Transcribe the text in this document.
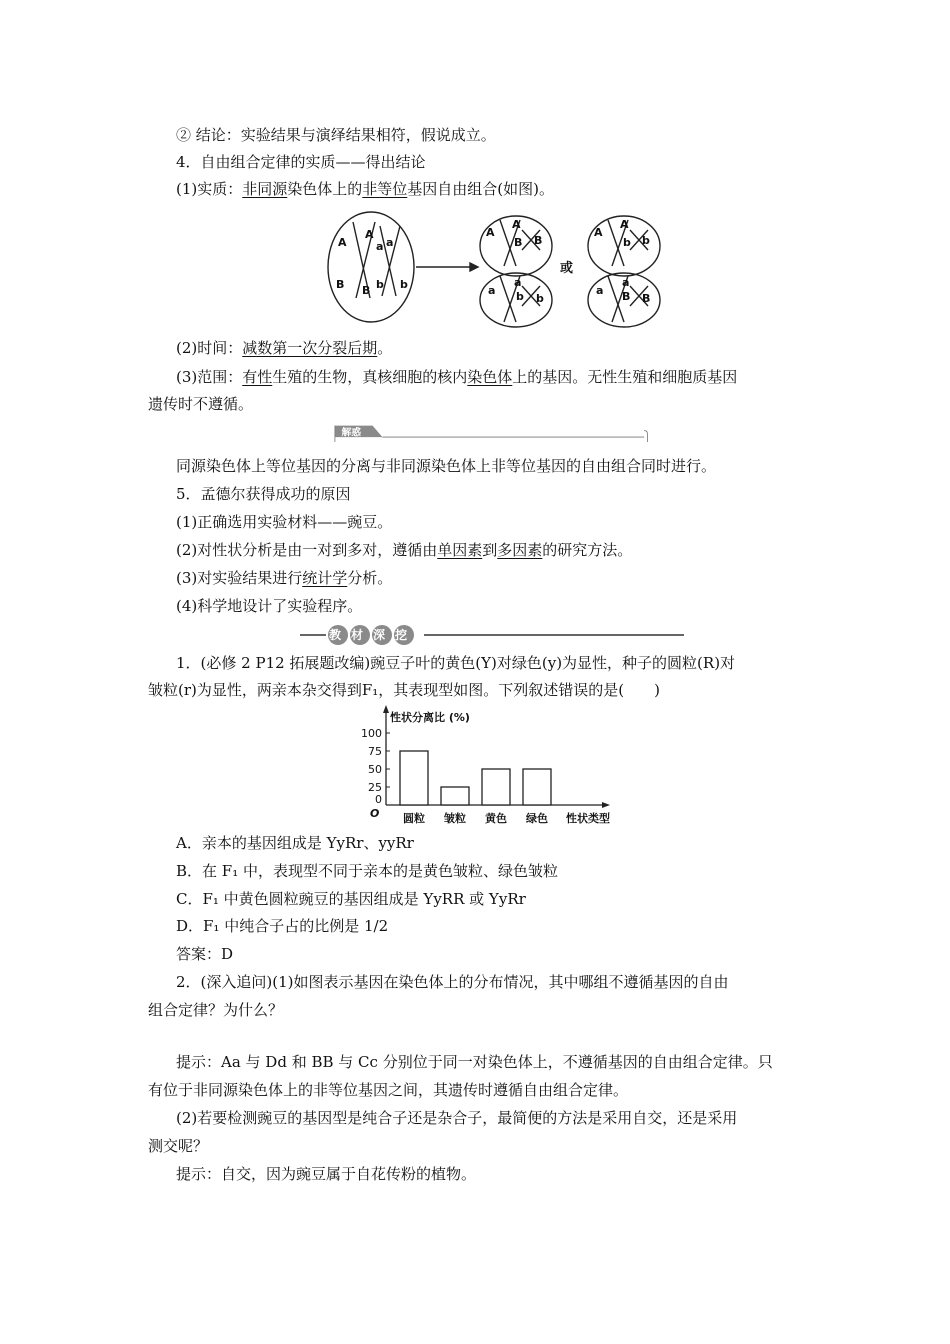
② 结论：实验结果与演绎结果相符，假说成立。
4．自由组合定律的实质——得出结论
(1)实质：非同源染色体上的非等位基因自由组合(如图)。
A
A
a a
B B b b
A
A
B B
a
a
b b
或
A
A
b b
a
a
B B
(2)时间：减数第一次分裂后期。
(3)范围：有性生殖的生物，真核细胞的核内染色体上的基因。无性生殖和细胞质基因
遗传时不遵循。
解惑
同源染色体上等位基因的分离与非同源染色体上非等位基因的自由组合同时进行。
5．孟德尔获得成功的原因
(1)正确选用实验材料——豌豆。
(2)对性状分析是由一对到多对，遵循由单因素到多因素的研究方法。
(3)对实验结果进行统计学分析。
(4)科学地设计了实验程序。
教材深挖
1．(必修 2 P12 拓展题改编)豌豆子叶的黄色(Y)对绿色(y)为显性，种子的圆粒(R)对
皱粒(r)为显性，两亲本杂交得到F₁，其表现型如图。下列叙述错误的是(　　)
性状分离比 (%)
0
25
50
75
100
O 圆粒 皱粒 黄色 绿色 性状类型
A．亲本的基因组成是 YyRr、yyRr
B．在 F₁ 中，表现型不同于亲本的是黄色皱粒、绿色皱粒
C．F₁ 中黄色圆粒豌豆的基因组成是 YyRR 或 YyRr
D．F₁ 中纯合子占的比例是 1/2
答案：D
2．(深入追问)(1)如图表示基因在染色体上的分布情况，其中哪组不遵循基因的自由
组合定律？为什么？
提示：Aa 与 Dd 和 BB 与 Cc 分别位于同一对染色体上，不遵循基因的自由组合定律。只
有位于非同源染色体上的非等位基因之间，其遗传时遵循自由组合定律。
(2)若要检测豌豆的基因型是纯合子还是杂合子，最简便的方法是采用自交，还是采用
测交呢？
提示：自交，因为豌豆属于自花传粉的植物。
